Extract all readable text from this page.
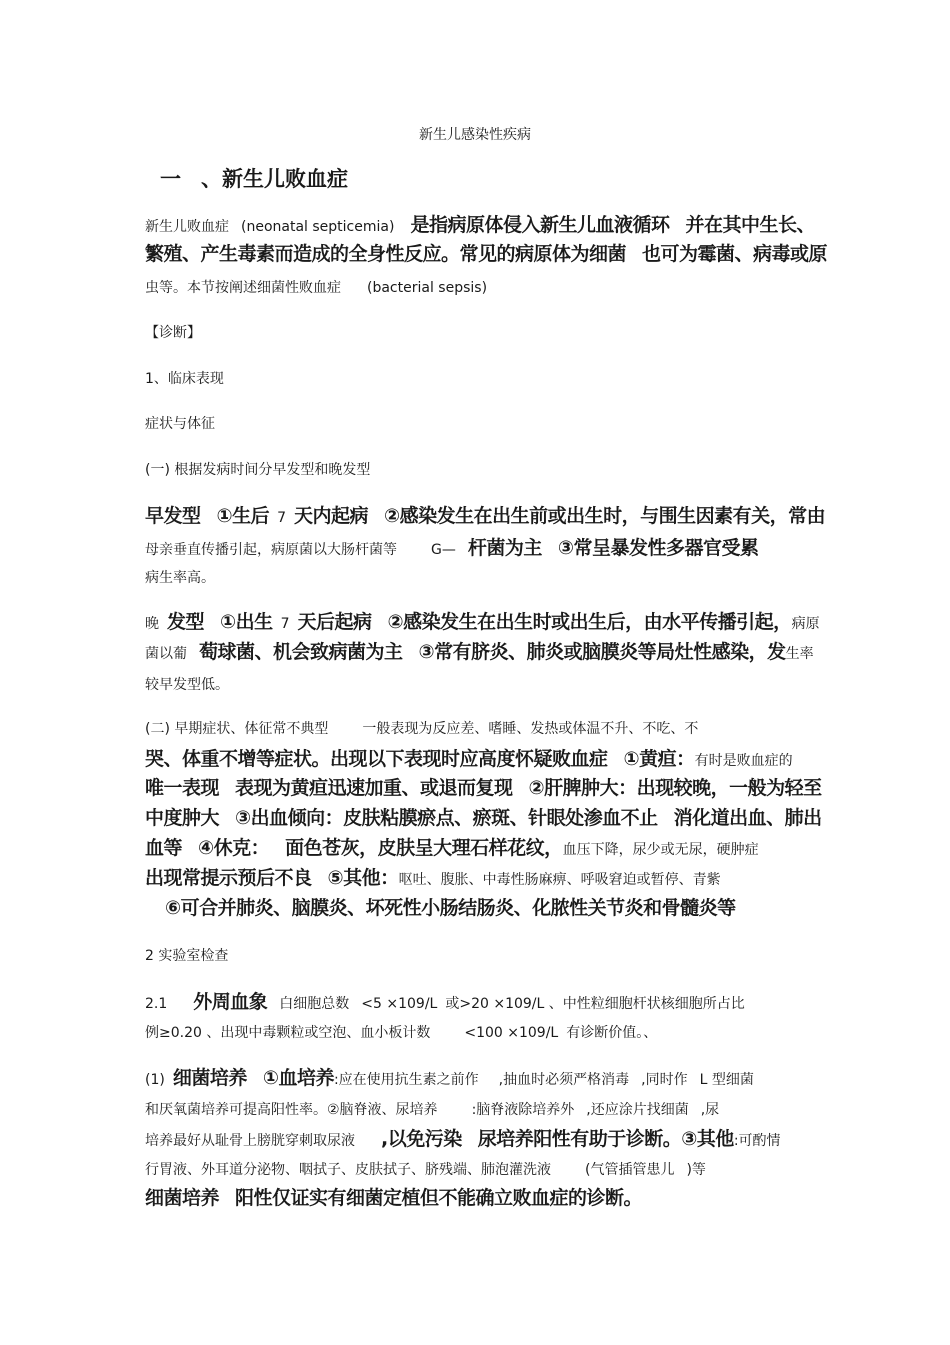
新生儿感染性疾病
一 、新生儿败血症
新生儿败血症 (neonatal septicemia) 是指病原体侵入新生儿血液循环 并在其中生长、
繁殖、产生毒素而造成的全身性反应。常见的病原体为细菌 也可为霉菌、病毒或原
虫等。本节按阐述细菌性败血症 (bacterial sepsis)
【诊断】
1、临床表现
症状与体征
(一) 根据发病时间分早发型和晚发型
早发型 ①生后 7 天内起病 ②感染发生在出生前或出生时，与围生因素有关，常由
母亲垂直传播引起，病原菌以大肠杆菌等 G— 杆菌为主 ③常呈暴发性多器官受累
病生率高。
晚 发型 ①出生 7 天后起病 ②感染发生在出生时或出生后，由水平传播引起，病原
菌以葡 萄球菌、机会致病菌为主 ③常有脐炎、肺炎或脑膜炎等局灶性感染，发生率
较早发型低。
(二) 早期症状、体征常不典型 一般表现为反应差、嗜睡、发热或体温不升、不吃、不
哭、体重不增等症状。出现以下表现时应高度怀疑败血症 ①黄疸：有时是败血症的
唯一表现 表现为黄疸迅速加重、或退而复现 ②肝脾肿大：出现较晚，一般为轻至
中度肿大 ③出血倾向：皮肤粘膜瘀点、瘀斑、针眼处渗血不止 消化道出血、肺出
血等 ④休克： 面色苍灰，皮肤呈大理石样花纹，血压下降，尿少或无尿，硬肿症
出现常提示预后不良 ⑤其他：呕吐、腹胀、中毒性肠麻痹、呼吸窘迫或暂停、青紫
⑥可合并肺炎、脑膜炎、坏死性小肠结肠炎、化脓性关节炎和骨髓炎等
2 实验室检查
2.1 外周血象 白细胞总数 <5 ×109/L 或>20 ×109/L 、中性粒细胞杆状核细胞所占比
例≥0.20 、出现中毒颗粒或空泡、血小板计数 <100 ×109/L 有诊断价值。、
(1) 细菌培养 ①血培养:应在使用抗生素之前作 ,抽血时必须严格消毒 ,同时作 L 型细菌
和厌氧菌培养可提高阳性率。②脑脊液、尿培养 :脑脊液除培养外 ,还应涂片找细菌 ,尿
培养最好从耻骨上膀胱穿刺取尿液 ,以免污染 尿培养阳性有助于诊断。③其他:可酌情
行胃液、外耳道分泌物、咽拭子、皮肤拭子、脐残端、肺泡灌洗液 (气管插管患儿 )等
细菌培养 阳性仅证实有细菌定植但不能确立败血症的诊断。
